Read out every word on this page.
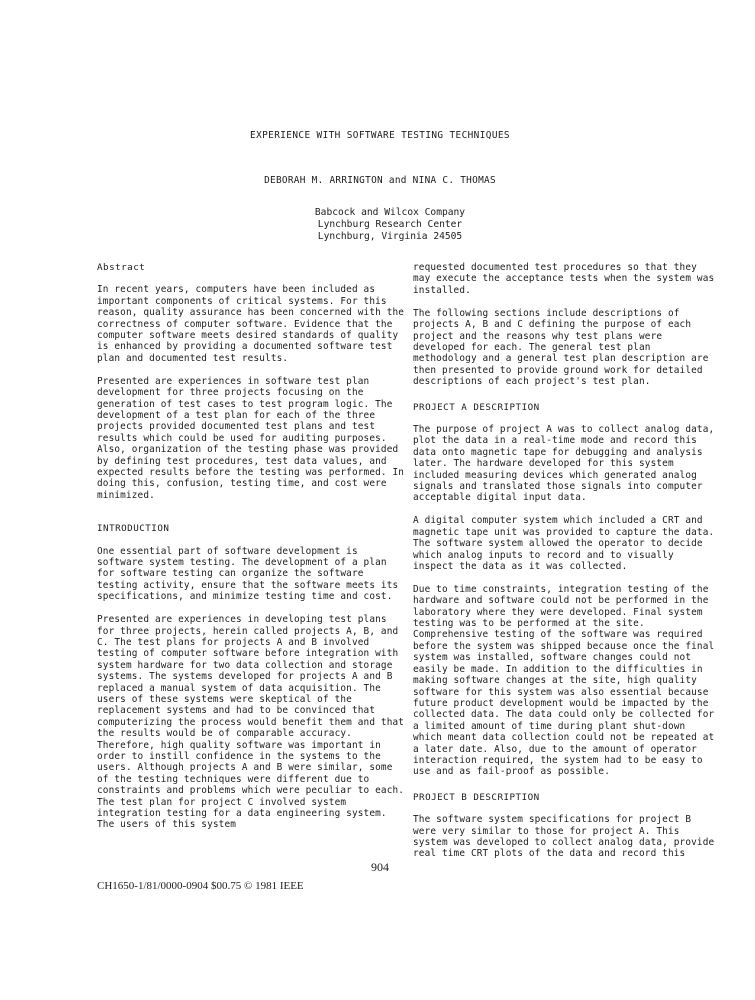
EXPERIENCE WITH SOFTWARE TESTING TECHNIQUES
DEBORAH M. ARRINGTON and NINA C. THOMAS
Babcock and Wilcox Company
Lynchburg Research Center
Lynchburg, Virginia 24505
Abstract

In recent years, computers have been included as important components of critical systems. For this reason, quality assurance has been concerned with the correctness of computer software. Evidence that the computer software meets desired standards of quality is enhanced by providing a documented software test plan and documented test results.

Presented are experiences in software test plan development for three projects focusing on the generation of test cases to test program logic. The development of a test plan for each of the three projects provided documented test plans and test results which could be used for auditing purposes. Also, organization of the testing phase was provided by defining test procedures, test data values, and expected results before the testing was performed. In doing this, confusion, testing time, and cost were minimized.

INTRODUCTION

One essential part of software development is software system testing. The development of a plan for software testing can organize the software testing activity, ensure that the software meets its specifications, and minimize testing time and cost.

Presented are experiences in developing test plans for three projects, herein called projects A, B, and C. The test plans for projects A and B involved testing of computer software before integration with system hardware for two data collection and storage systems. The systems developed for projects A and B replaced a manual system of data acquisition. The users of these systems were skeptical of the replacement systems and had to be convinced that computerizing the process would benefit them and that the results would be of comparable accuracy. Therefore, high quality software was important in order to instill confidence in the systems to the users. Although projects A and B were similar, some of the testing techniques were different due to constraints and problems which were peculiar to each. The test plan for project C involved system integration testing for a data engineering system. The users of this system

requested documented test procedures so that they may execute the acceptance tests when the system was installed.

The following sections include descriptions of projects A, B and C defining the purpose of each project and the reasons why test plans were developed for each. The general test plan methodology and a general test plan description are then presented to provide ground work for detailed descriptions of each project's test plan.

PROJECT A DESCRIPTION

The purpose of project A was to collect analog data, plot the data in a real-time mode and record this data onto magnetic tape for debugging and analysis later. The hardware developed for this system included measuring devices which generated analog signals and translated those signals into computer acceptable digital input data.

A digital computer system which included a CRT and magnetic tape unit was provided to capture the data. The software system allowed the operator to decide which analog inputs to record and to visually inspect the data as it was collected.

Due to time constraints, integration testing of the hardware and software could not be performed in the laboratory where they were developed. Final system testing was to be performed at the site. Comprehensive testing of the software was required before the system was shipped because once the final system was installed, software changes could not easily be made. In addition to the difficulties in making software changes at the site, high quality software for this system was also essential because future product development would be impacted by the collected data. The data could only be collected for a limited amount of time during plant shut-down which meant data collection could not be repeated at a later date. Also, due to the amount of operator interaction required, the system had to be easy to use and as fail-proof as possible.

PROJECT B DESCRIPTION

The software system specifications for project B were very similar to those for project A. This system was developed to collect analog data, provide real time CRT plots of the data and record this

904
CH1650-1/81/0000-0904 $00.75 © 1981 IEEE
